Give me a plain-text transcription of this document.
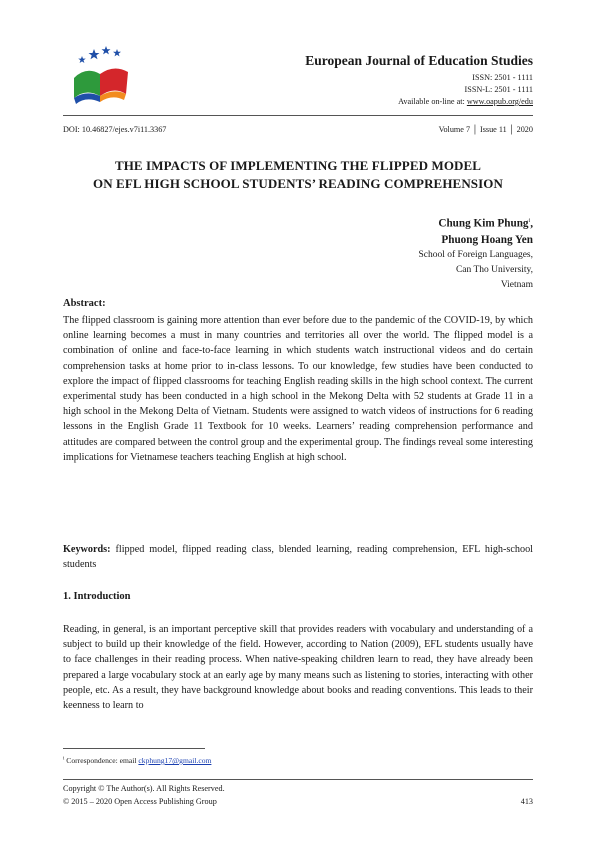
European Journal of Education Studies
ISSN: 2501 - 1111
ISSN-L: 2501 - 1111
Available on-line at: www.oapub.org/edu
DOI: 10.46827/ejes.v7i11.3367	Volume 7 │ Issue 11 │ 2020
THE IMPACTS OF IMPLEMENTING THE FLIPPED MODEL
ON EFL HIGH SCHOOL STUDENTS’ READING COMPREHENSION
Chung Kim Phung$^i$,
Phuong Hoang Yen
School of Foreign Languages,
Can Tho University,
Vietnam
Abstract:
The flipped classroom is gaining more attention than ever before due to the pandemic of the COVID-19, by which online learning becomes a must in many countries and territories all over the world. The flipped model is a combination of online and face-to-face learning in which students watch instructional videos and do certain comprehension tasks at home prior to in-class lessons. To our knowledge, few studies have been conducted to explore the impact of flipped classrooms for teaching English reading skills in the high school context. The current experimental study has been conducted in a high school in the Mekong Delta with 52 students at Grade 11 in a high school in the Mekong Delta of Vietnam. Students were assigned to watch videos of instructions for 6 reading lessons in the English Grade 11 Textbook for 10 weeks. Learners’ reading comprehension performance and attitudes are compared between the control group and the experimental group. The findings reveal some interesting implications for Vietnamese teachers teaching English at high school.
Keywords: flipped model, flipped reading class, blended learning, reading comprehension, EFL high-school students
1. Introduction
Reading, in general, is an important perceptive skill that provides readers with vocabulary and understanding of a subject to build up their knowledge of the field. However, according to Nation (2009), EFL students usually have to face challenges in their reading process. When native-speaking children learn to read, they have already been prepared a large vocabulary stock at an early age by many means such as listening to stories, interacting with other people, etc. As a result, they have background knowledge about books and reading conventions. This leads to their keenness to learn to
$^i$ Correspondence: email ckphung17@gmail.com
Copyright © The Author(s). All Rights Reserved.
© 2015 – 2020 Open Access Publishing Group	413
